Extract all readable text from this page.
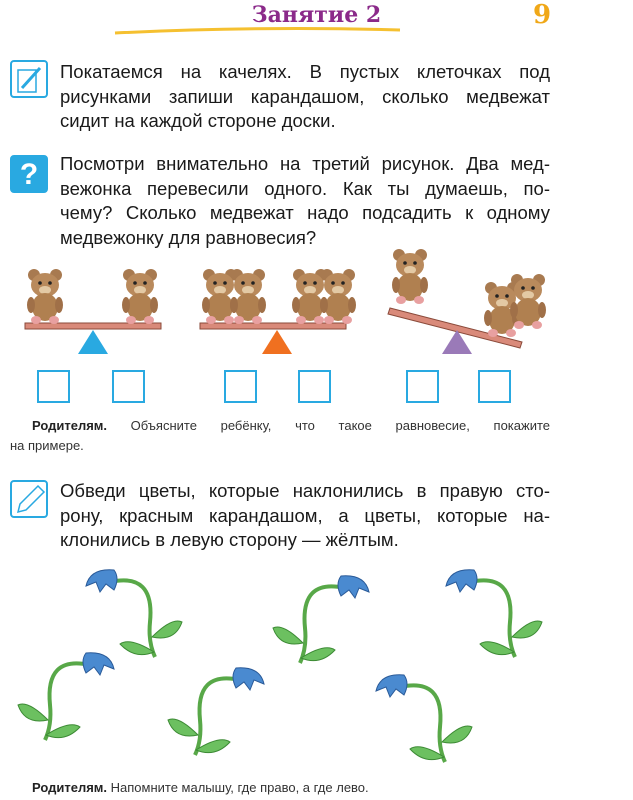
Занятие 2	9
Покатаемся на качелях. В пустых клеточках под
рисунками запиши карандашом, сколько медвежат
сидит на каждой стороне доски.
?	Посмотри внимательно на третий рисунок. Два мед-
вежонка перевесили одного. Как ты думаешь, по-
чему? Сколько медвежат надо подсадить к одному
медвежонку для равновесия?
Родителям. Объясните ребёнку, что такое равновесие, покажите
на примере.
Обведи цветы, которые наклонились в правую сто-
рону, красным карандашом, а цветы, которые на-
клонились в левую сторону — жёлтым.
Родителям. Напомните малышу, где право, а где лево.
